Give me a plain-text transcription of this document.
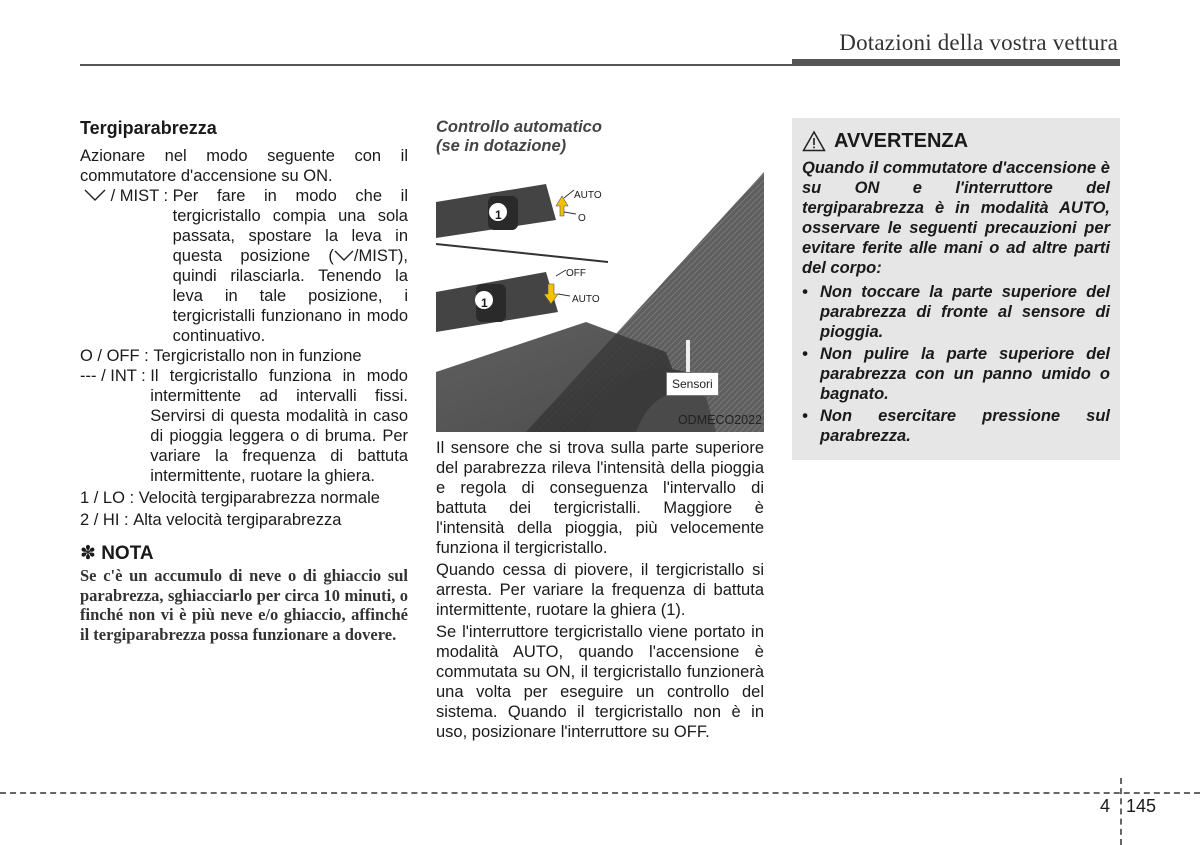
Dotazioni della vostra vettura
Tergiparabrezza

Azionare nel modo seguente con il commutatore d'accensione su ON.

/ MIST : Per fare in modo che il tergicristallo compia una sola passata, spostare la leva in questa posizione ( /MIST), quindi rilasciarla. Tenendo la leva in tale posizione, i tergicristalli funzionano in modo continuativo.
O / OFF : Tergicristallo non in funzione
--- / INT : Il tergicristallo funziona in modo intermittente ad intervalli fissi. Servirsi di questa modalità in caso di pioggia leggera o di bruma. Per variare la frequenza di battuta intermittente, ruotare la ghiera.
1 / LO : Velocità tergiparabrezza normale
2 / HI : Alta velocità tergiparabrezza
✽ NOTA
Se c'è un accumulo di neve o di ghiaccio sul parabrezza, sghiacciarlo per circa 10 minuti, o finché non vi è più neve e/o ghiaccio, affinché il tergiparabrezza possa funzionare a dovere.
Controllo automatico
(se in dotazione)
AUTO
O
OFF
AUTO
1
1
Sensori
ODMECO2022

Il sensore che si trova sulla parte superiore del parabrezza rileva l'intensità della pioggia e regola di conseguenza l'intervallo di battuta dei tergicristalli. Maggiore è l'intensità della pioggia, più velocemente funziona il tergicristallo.

Quando cessa di piovere, il tergicristallo si arresta. Per variare la frequenza di battuta intermittente, ruotare la ghiera (1).

Se l'interruttore tergicristallo viene portato in modalità AUTO, quando l'accensione è commutata su ON, il tergicristallo funzionerà una volta per eseguire un controllo del sistema. Quando il tergicristallo non è in uso, posizionare l'interruttore su OFF.

AVVERTENZA
Quando il commutatore d'accensione è su ON e l'interruttore del tergiparabrezza è in modalità AUTO, osservare le seguenti precauzioni per evitare ferite alle mani o ad altre parti del corpo:
• Non toccare la parte superiore del parabrezza di fronte al sensore di pioggia.
• Non pulire la parte superiore del parabrezza con un panno umido o bagnato.
• Non esercitare pressione sul parabrezza.
4 145
